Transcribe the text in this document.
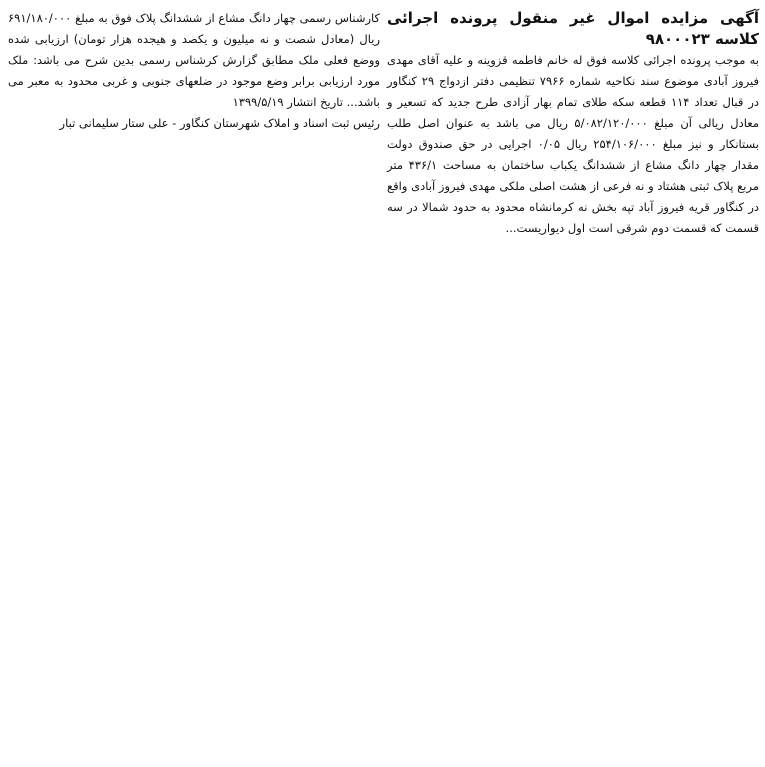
آگهی مزایده اموال غیر منقول پرونده اجرائی کلاسه ۹۸۰۰۰۲۳
به موجب پرونده اجرائی کلاسه فوق له خانم فاطمه قزوینه و علیه آقای مهدی فیروز آبادی موضوع سند نکاحیه شماره ۷۹۶۶ تنظیمی دفتر ازدواج ۲۹ کنگاور در قبال تعداد ۱۱۴ قطعه سکه طلای تمام بهار آزادی طرح جدید که تسعیر و معادل ریالی آن مبلغ ۵/۰۸۲/۱۲۰/۰۰۰ ریال می باشد به عنوان اصل طلب بستانکار و نیز مبلغ ۲۵۴/۱۰۶/۰۰۰ ریال ۰/۰۵ اجرایی در حق صندوق دولت مقدار چهار دانگ مشاع از ششدانگ یکباب ساختمان به مساحت ۴۳۶/۱ متر مربع پلاک ثبتی هشتاد و نه فرعی از هشت اصلی ملکی مهدی فیروز آبادی واقع در کنگاور قریه فیروز آباد تپه بخش نه کرمانشاه محدود به حدود شمالا در سه قسمت که قسمت دوم شرقی است اول دیواریست...
کارشناس رسمی چهار دانگ مشاع از ششدانگ پلاک فوق به مبلغ ۶۹۱/۱۸۰/۰۰۰ ریال (معادل شصت و نه میلیون و یکصد و هیجده هزار تومان) ارزیابی شده ووضع فعلی ملک مطابق گزارش کرشناس رسمی بدین شرح می باشد: ملک مورد ارزیابی برابر وضع موجود در ضلعهای جنوبی و غربی محدود به معبر می باشد... تاریخ انتشار ۱۳۹۹/۵/۱۹
رئیس ثبت اسناد و املاک شهرستان کنگاور - علی ستار سلیمانی تبار
